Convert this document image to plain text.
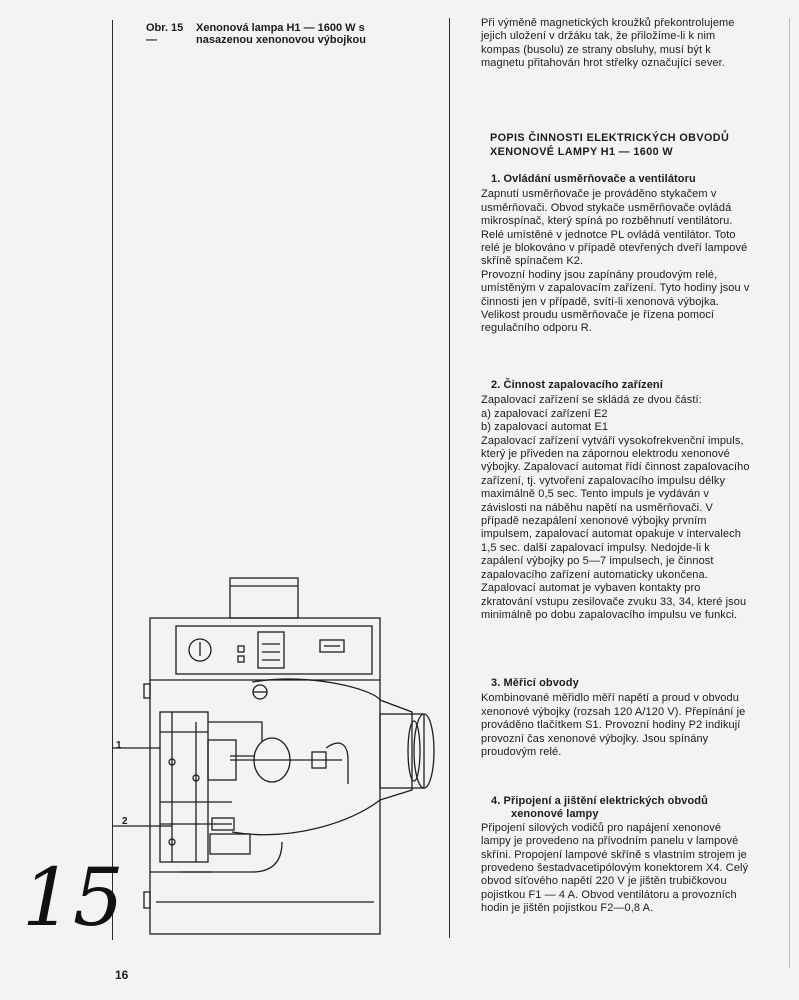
Obr. 15 —Xenonová lampa H1 — 1600 W s nasazenou xenonovou výbojkou

Při výměně magnetických kroužků překontrolujeme jejich uložení v držáku tak, že přiložíme-li k nim kompas (busolu) ze strany obsluhy, musí být k magnetu přitahován hrot střelky označující sever.

POPIS ČINNOSTI ELEKTRICKÝCH OBVODŮ XENONOVÉ LAMPY H1 — 1600 W

1. Ovládání usměrňovače a ventilátoru

Zapnutí usměrňovače je prováděno stykačem v usměrňovači. Obvod stykače usměrňovače ovládá mikrospínač, který spíná po rozběhnutí ventilátoru. Relé umístěné v jednotce PL ovládá ventilátor. Toto relé je blokováno v případě otevřených dveří lampové skříně spínačem K2.

Provozní hodiny jsou zapínány proudovým relé, umístěným v zapalovacím zařízení. Tyto hodiny jsou v činnosti jen v případě, svítí-li xenonová výbojka.

Velikost proudu usměrňovače je řízena pomocí regulačního odporu R.

2. Činnost zapalovacího zařízení

Zapalovací zařízení se skládá ze dvou částí:

a) zapalovací zařízení E2

b) zapalovací automat E1

Zapalovací zařízení vytváří vysokofrekvenční impuls, který je přiveden na zápornou elektrodu xenonové výbojky. Zapalovací automat řídí činnost zapalovacího zařízení, tj. vytvoření zapalovacího impulsu délky maximálně 0,5 sec. Tento impuls je vydáván v závislosti na náběhu napětí na usměrňovači. V případě nezapálení xenonové výbojky prvním impulsem, zapalovací automat opakuje v intervalech 1,5 sec. další zapalovací impulsy. Nedojde-li k zapálení výbojky po 5—7 impulsech, je činnost zapalovacího zařízení automaticky ukončena.

Zapalovací automat je vybaven kontakty pro zkratování vstupu zesilovače zvuku 33, 34, které jsou minimálně po dobu zapalovacího impulsu ve funkci.

3. Měřicí obvody

Kombinované měřidlo měří napětí a proud v obvodu xenonové výbojky (rozsah 120 A/120 V). Přepínání je prováděno tlačítkem S1. Provozní hodiny P2 indikují provozní čas xenonové výbojky. Jsou spínány proudovým relé.

4. Připojení a jištění elektrických obvodů

xenonové lampy

Připojení silových vodičů pro napájení xenonové lampy je provedeno na přívodním panelu v lampové skříni. Propojení lampové skříně s vlastním strojem je provedeno šestadvacetipólovým konektorem X4. Celý obvod síťového napětí 220 V je jištěn trubičkovou pojistkou F1 — 4 A. Obvod ventilátoru a provozních hodin je jištěn pojistkou F2—0,8 A.

1
2
15
16
